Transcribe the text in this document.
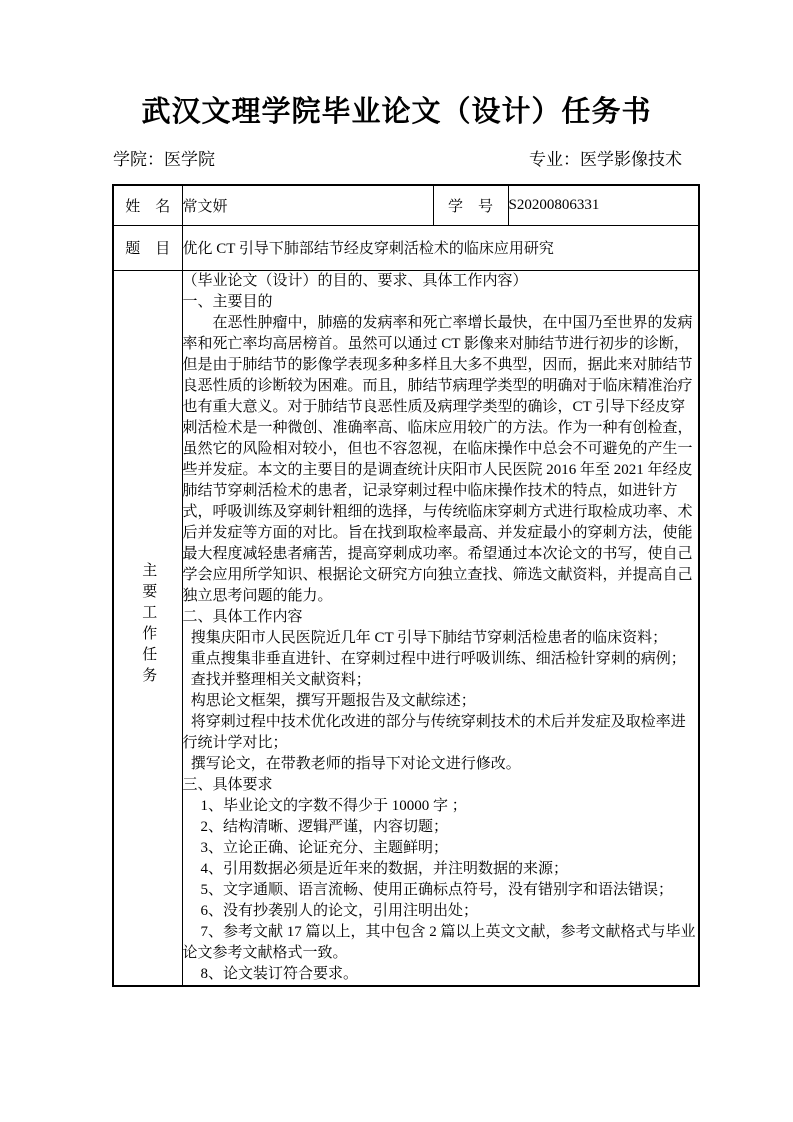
武汉文理学院毕业论文（设计）任务书
学院：医学院	专业：医学影像技术
姓　名	常文妍	学　号	S20200806331
题　目	优化 CT 引导下肺部结节经皮穿刺活检术的临床应用研究		
主要工作任务	

（毕业论文（设计）的目的、要求、具体工作内容）

一、主要目的

在恶性肿瘤中，肺癌的发病率和死亡率增长最快，在中国乃至世界的发病率和死亡率均高居榜首。虽然可以通过 CT 影像来对肺结节进行初步的诊断，但是由于肺结节的影像学表现多种多样且大多不典型，因而，据此来对肺结节良恶性质的诊断较为困难。而且，肺结节病理学类型的明确对于临床精准治疗也有重大意义。对于肺结节良恶性质及病理学类型的确诊，CT 引导下经皮穿刺活检术是一种微创、准确率高、临床应用较广的方法。作为一种有创检查，虽然它的风险相对较小，但也不容忽视，在临床操作中总会不可避免的产生一些并发症。本文的主要目的是调查统计庆阳市人民医院 2016 年至 2021 年经皮肺结节穿刺活检术的患者，记录穿刺过程中临床操作技术的特点，如进针方式，呼吸训练及穿刺针粗细的选择，与传统临床穿刺方式进行取检成功率、术后并发症等方面的对比。旨在找到取检率最高、并发症最小的穿刺方法，使能最大程度减轻患者痛苦，提高穿刺成功率。希望通过本次论文的书写，使自己学会应用所学知识、根据论文研究方向独立查找、筛选文献资料，并提高自己独立思考问题的能力。

二、具体工作内容

搜集庆阳市人民医院近几年 CT 引导下肺结节穿刺活检患者的临床资料；

重点搜集非垂直进针、在穿刺过程中进行呼吸训练、细活检针穿刺的病例；

查找并整理相关文献资料；

构思论文框架，撰写开题报告及文献综述；

将穿刺过程中技术优化改进的部分与传统穿刺技术的术后并发症及取检率进行统计学对比；

撰写论文，在带教老师的指导下对论文进行修改。

三、具体要求

1、毕业论文的字数不得少于 10000 字 ；

2、结构清晰、逻辑严谨，内容切题；

3、立论正确、论证充分、主题鲜明；

4、引用数据必须是近年来的数据，并注明数据的来源；

5、文字通顺、语言流畅、使用正确标点符号，没有错别字和语法错误；

6、没有抄袭别人的论文，引用注明出处；

7、参考文献 17 篇以上，其中包含 2 篇以上英文文献，参考文献格式与毕业论文参考文献格式一致。

8、论文装订符合要求。
